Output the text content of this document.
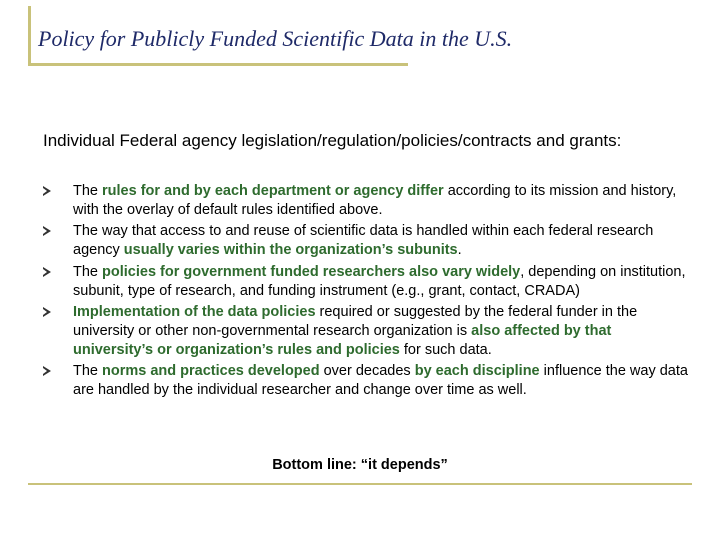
Policy for Publicly Funded Scientific Data in the U.S.
Individual Federal agency legislation/regulation/policies/contracts and grants:
The rules for and by each department or agency differ according to its mission and history, with the overlay of default rules identified above.
The way that access to and reuse of scientific data is handled within each federal research agency usually varies within the organization’s subunits.
The policies for government funded researchers also vary widely, depending on institution, subunit, type of research, and funding instrument (e.g., grant, contact, CRADA)
Implementation of the data policies required or suggested by the federal funder in the university or other non-governmental research organization is also affected by that university’s or organization’s rules and policies for such data.
The norms and practices developed over decades by each discipline influence the way data are handled by the individual researcher and change over time as well.
Bottom line: “it depends”
